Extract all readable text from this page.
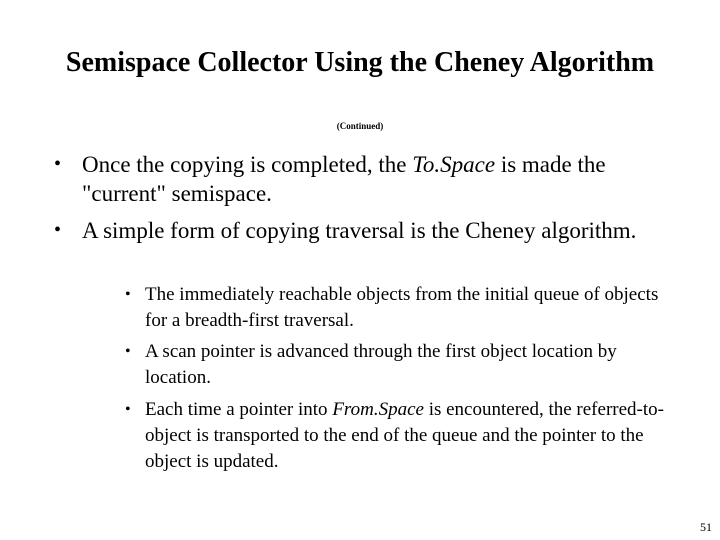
Semispace Collector Using the Cheney Algorithm
(Continued)
• Once the copying is completed, the To.Space is made the "current" semispace.
• A simple form of copying traversal is the Cheney algorithm.
• The immediately reachable objects from the initial queue of objects for a breadth-first traversal.
• A scan pointer is advanced through the first object location by location.
• Each time a pointer into From.Space is encountered, the referred-to-object is transported to the end of the queue and the pointer to the object is updated.
51
